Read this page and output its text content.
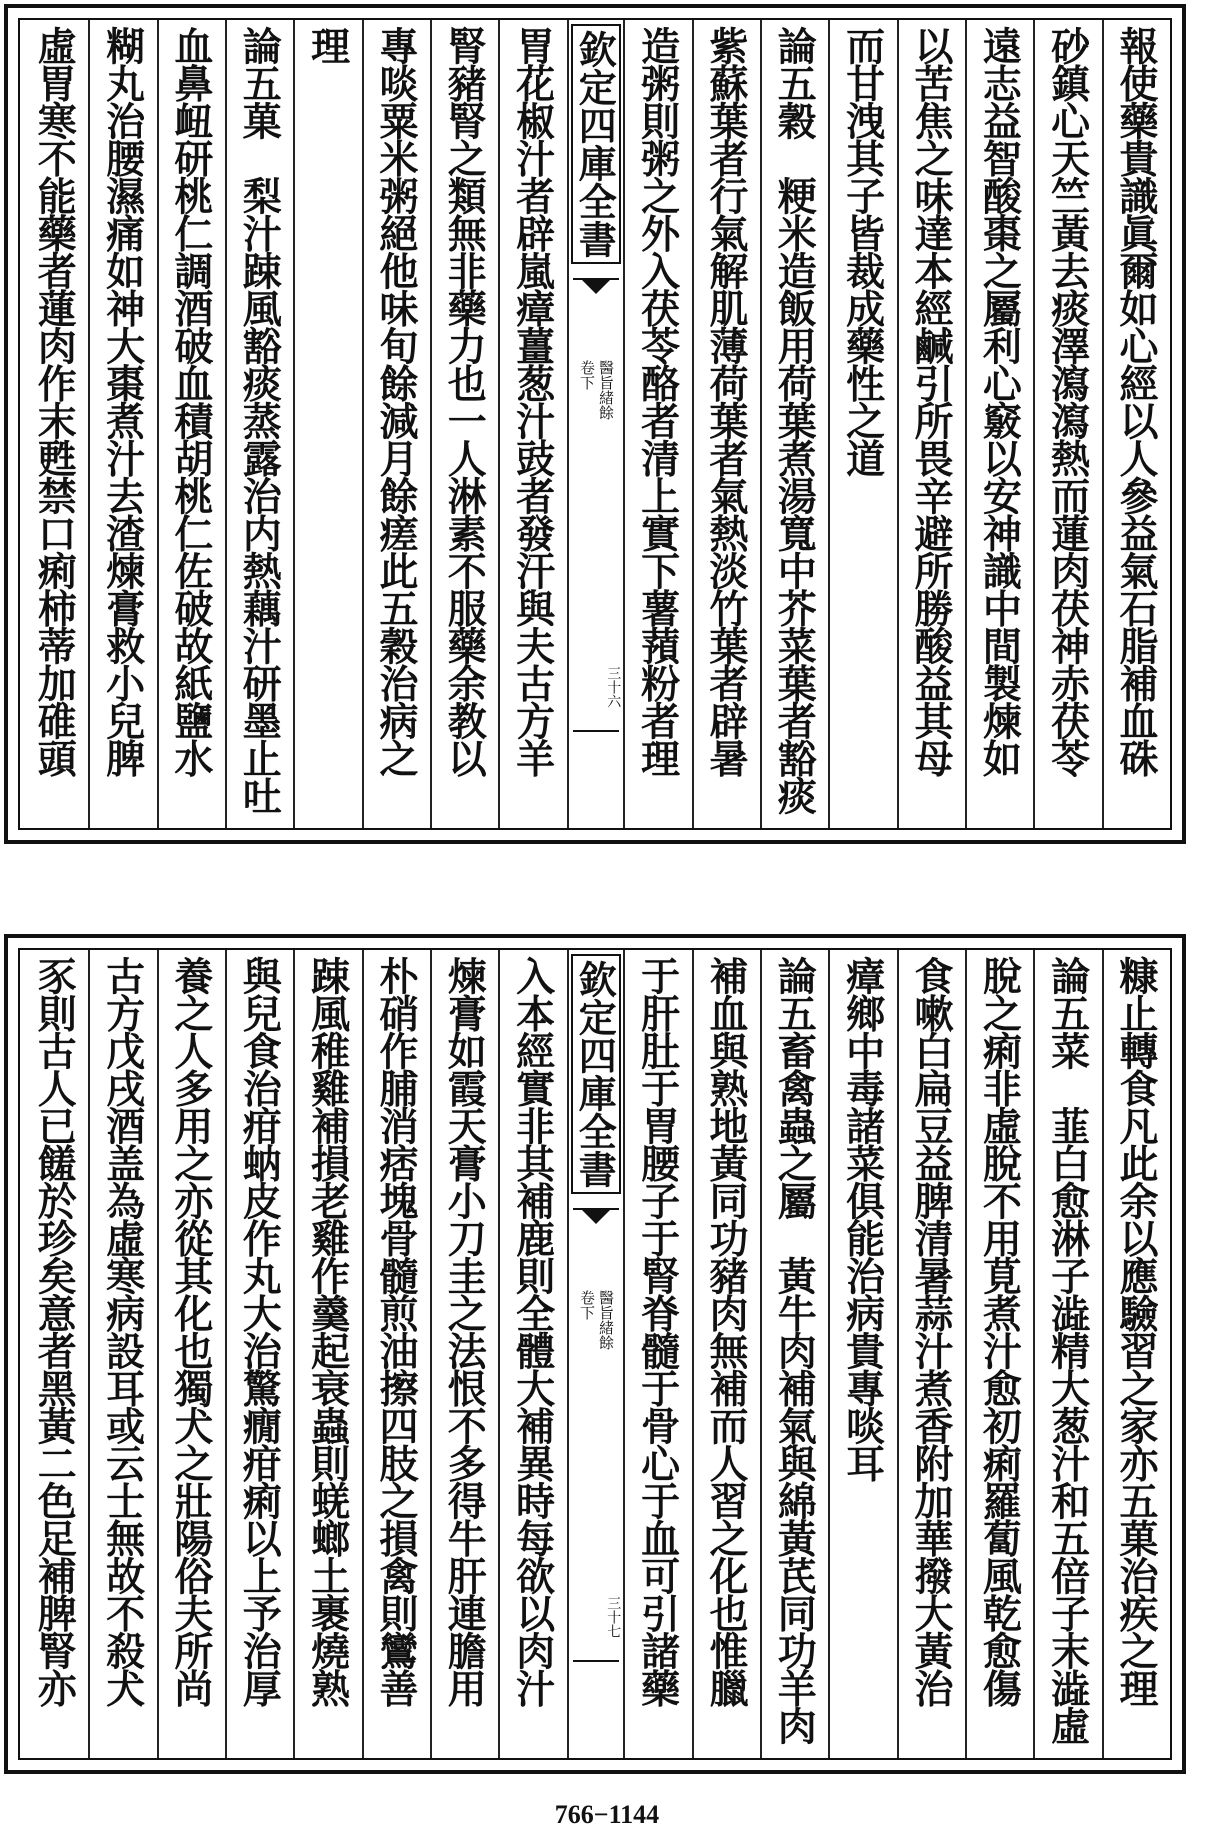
報使藥貴識眞爾如心經以人參益氣石脂補血硃
砂鎮心天竺黃去痰澤瀉瀉熱而蓮肉茯神赤茯苓
遠志益智酸棗之屬利心竅以安神識中間製煉如
以苦焦之味達本經鹹引所畏辛避所勝酸益其母
而甘洩其子皆裁成藥性之道
論五穀　粳米造飯用荷葉煮湯寬中芥菜葉者豁痰
紫蘇葉者行氣解肌薄荷葉者氣熱淡竹葉者辟暑
造粥則粥之外入茯苓酪者清上實下薯蕷粉者理
欽定四庫全書
醫旨緒餘
卷下
三十六
胃花椒汁者辟嵐瘴薑葱汁豉者發汗與夫古方羊
腎豬腎之類無非藥力也一人淋素不服藥余教以
專啖粟米粥絕他味旬餘減月餘瘥此五穀治病之
理
論五菓　梨汁踈風豁痰蒸露治内熱藕汁研墨止吐
血鼻衄研桃仁調酒破血積胡桃仁佐破故紙鹽水
糊丸治腰濕痛如神大棗煮汁去渣煉膏救小兒脾
虛胃寒不能藥者蓮肉作末甦禁口痢柿蒂加碓頭
糠止轉食凡此余以應驗習之家亦五菓治疾之理
論五菜　韮白愈淋子澁精大葱汁和五倍子末澁虛
脫之痢非虛脫不用莧煮汁愈初痢羅蔔風乾愈傷
食嗽白扁豆益脾清暑蒜汁煮香附加華撥大黃治
瘴鄉中毒諸菜俱能治病貴專啖耳
論五畜禽蟲之屬　黃牛肉補氣與綿黃芪同功羊肉
補血與熟地黃同功豬肉無補而人習之化也惟臘
于肝肚于胃腰子于腎脊髓于骨心于血可引諸藥
欽定四庫全書
醫旨緒餘
卷下
三十七
入本經實非其補鹿則全體大補異時每欲以肉汁
煉膏如霞天膏小刀圭之法恨不多得牛肝連膽用
朴硝作脯消痞塊骨髓煎油擦四肢之損禽則鸞善
踈風稚雞補損老雞作羹起衰蟲則蜣螂土裹燒熟
與兒食治疳蚋皮作丸大治驚癇疳痢以上予治厚
養之人多用之亦從其化也獨犬之壯陽俗夫所尚
古方戊戌酒盖為虛寒病設耳或云士無故不殺犬
豕則古人已饈於珍矣意者黑黃二色足補脾腎亦
766−1144
